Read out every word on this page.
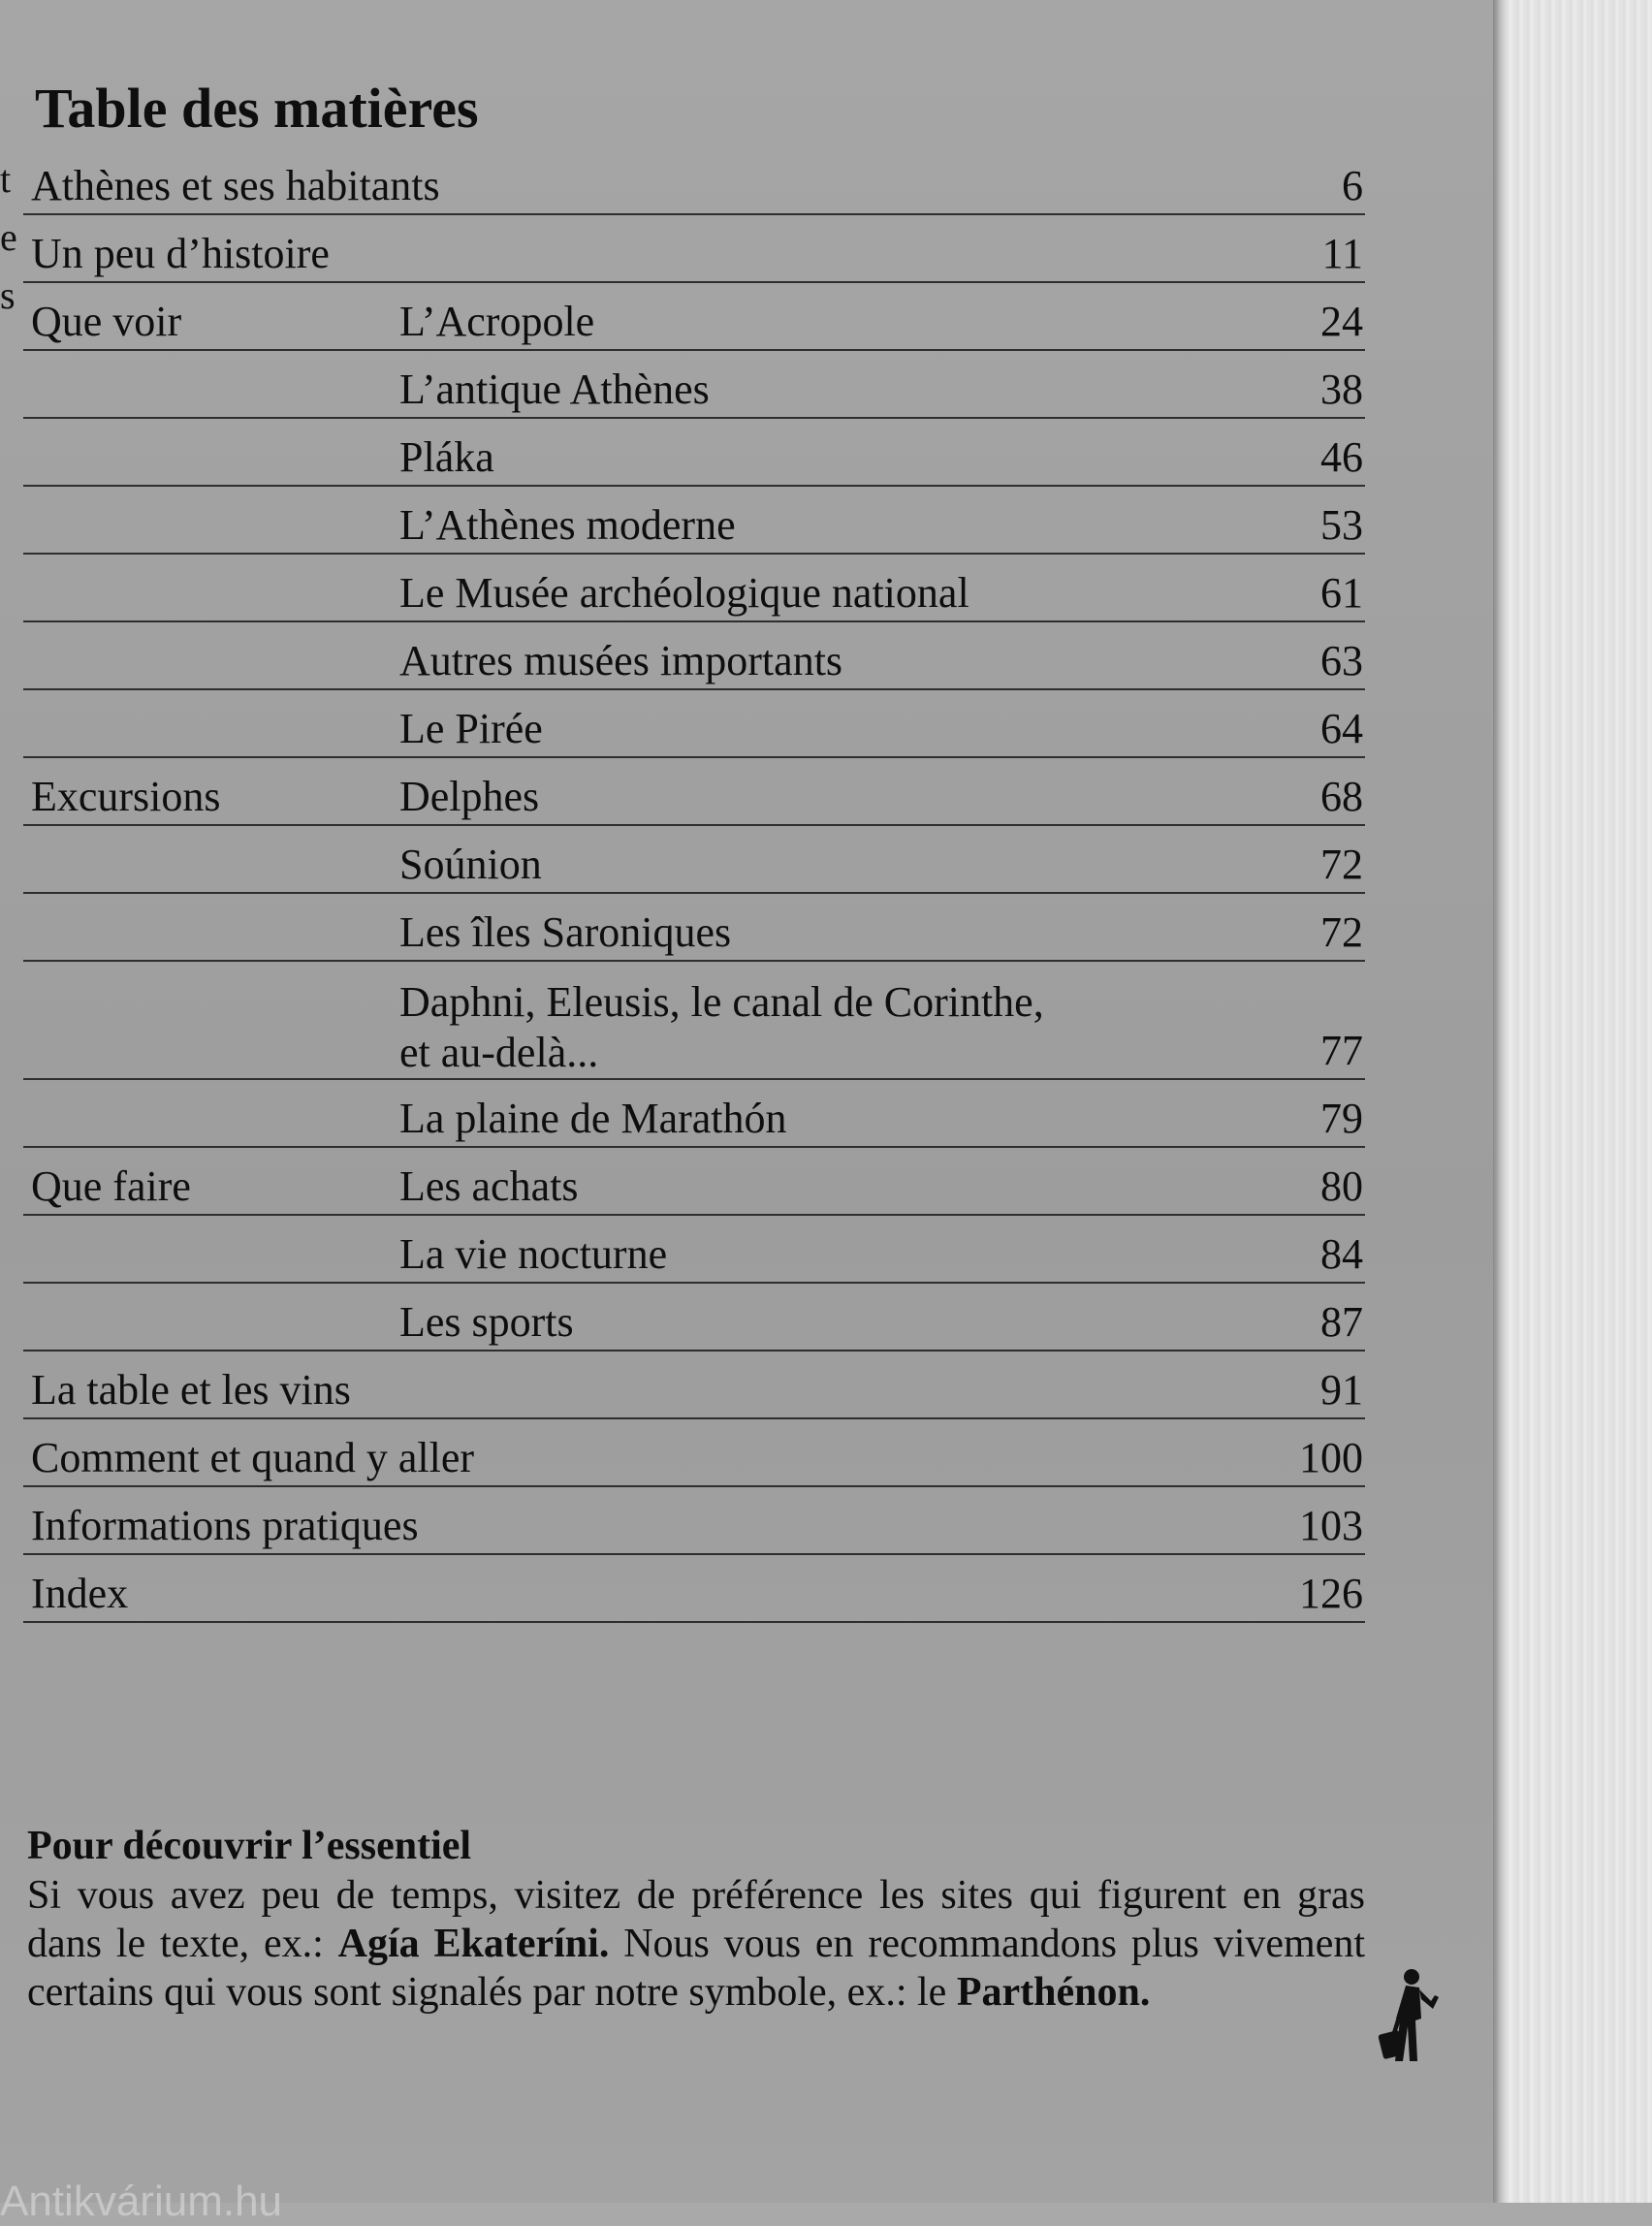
t e s
Table des matières
Athènes et ses habitants	6
Un peu d’histoire	11
Que voir	L’Acropole	24
L’antique Athènes	38
Pláka	46
L’Athènes moderne	53
Le Musée archéologique national	61
Autres musées importants	63
Le Pirée	64
Excursions	Delphes	68
Soúnion	72
Les îles Saroniques	72
Daphni, Eleusis, le canal de Corinthe,
et au-delà...	77
La plaine de Marathón	79
Que faire	Les achats	80
La vie nocturne	84
Les sports	87
La table et les vins	91
Comment et quand y aller	100
Informations pratiques	103
Index	126

Pour découvrir l’essentiel

Si vous avez peu de temps, visitez de préférence les sites qui figurent en gras dans le texte, ex.: Agía Ekateríni. Nous vous en recommandons plus vivement certains qui vous sont signalés par notre symbole, ex.: le Parthénon.

Antikvárium.hu
